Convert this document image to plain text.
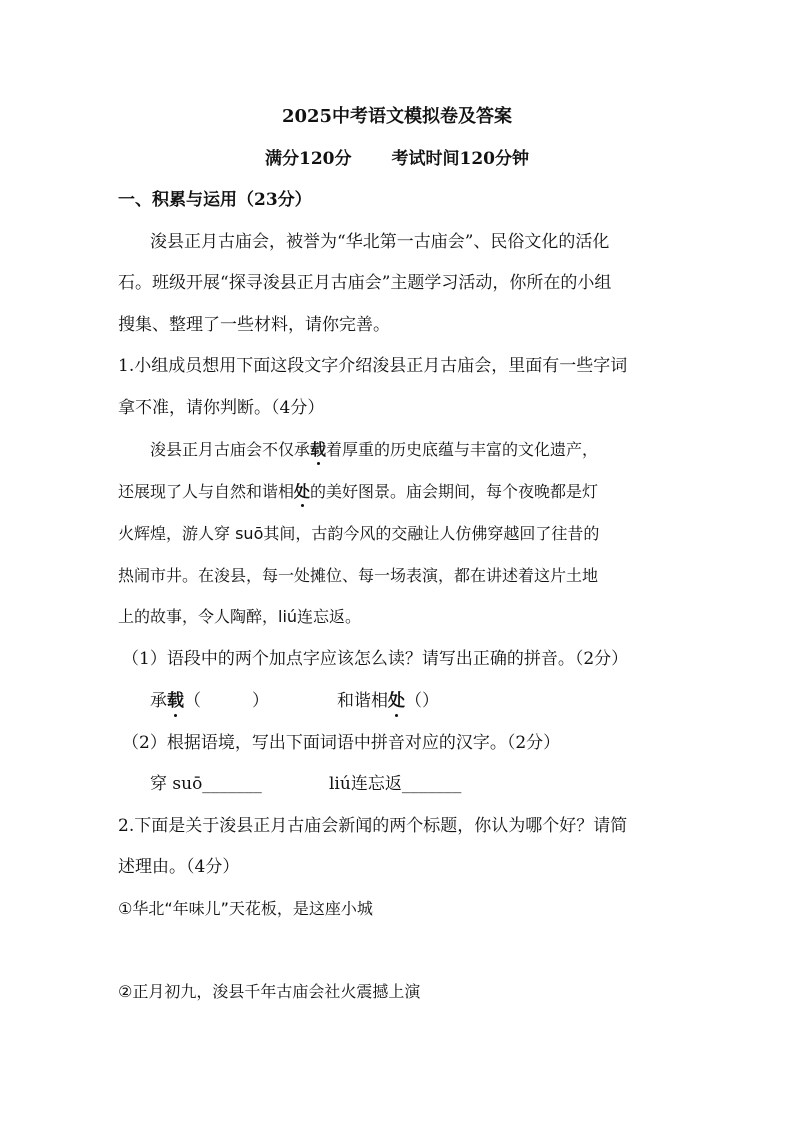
2025中考语文模拟卷及答案
满分120分 考试时间120分钟
一、积累与运用（23分）
浚县正月古庙会，被誉为“华北第一古庙会”、民俗文化的活化
石。班级开展“探寻浚县正月古庙会”主题学习活动，你所在的小组
搜集、整理了一些材料，请你完善。
1.小组成员想用下面这段文字介绍浚县正月古庙会，里面有一些字词
拿不准，请你判断。（4分）
浚县正月古庙会不仅承载着厚重的历史底蕴与丰富的文化遗产，
还展现了人与自然和谐相处的美好图景。庙会期间，每个夜晚都是灯
火辉煌，游人穿 suō其间，古韵今风的交融让人仿佛穿越回了往昔的
热闹市井。在浚县，每一处摊位、每一场表演，都在讲述着这片土地
上的故事，令人陶醉，liú连忘返。
（1）语段中的两个加点字应该怎么读？请写出正确的拼音。（2分）
承载（　　　）	和谐相处（）
（2）根据语境，写出下面词语中拼音对应的汉字。（2分）
穿 suō_______	liú连忘返_______
2.下面是关于浚县正月古庙会新闻的两个标题，你认为哪个好？请简
述理由。（4分）
①华北“年味儿”天花板，是这座小城
②正月初九，浚县千年古庙会社火震撼上演
